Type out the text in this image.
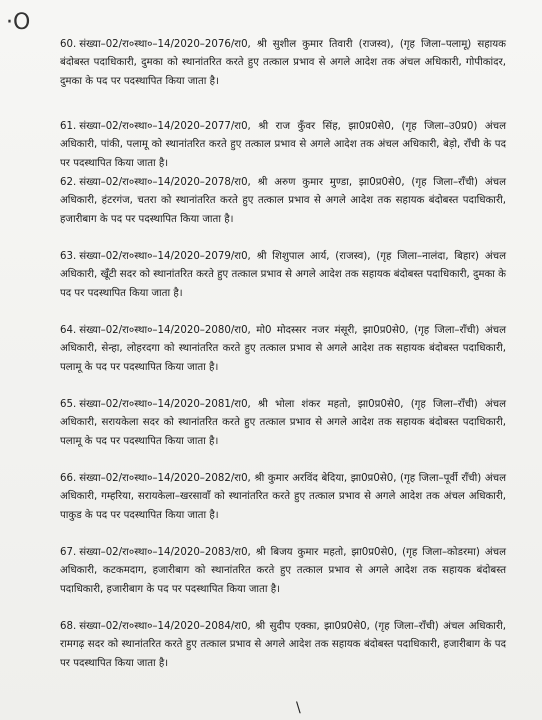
·O
60. संख्या–02/रा०स्था०–14/2020–2076/रा0, श्री सुशील कुमार तिवारी (राजस्व), (गृह जिला–पलामू) सहायक बंदोबस्त पदाधिकारी, दुमका को स्थानांतरित करते हुए तत्काल प्रभाव से अगले आदेश तक अंचल अधिकारी, गोपीकांदर, दुमका के पद पर पदस्थापित किया जाता है।
61. संख्या–02/रा०स्था०–14/2020–2077/रा0, श्री राज कुँवर सिंह, झा0प्र0से0, (गृह जिला–उ0प्र0) अंचल अधिकारी, पांकी, पलामू को स्थानांतरित करते हुए तत्काल प्रभाव से अगले आदेश तक अंचल अधिकारी, बेड़ो, राँची के पद पर पदस्थापित किया जाता है।
62. संख्या–02/रा०स्था०–14/2020–2078/रा0, श्री अरुण कुमार मुण्डा, झा0प्र0से0, (गृह जिला–राँची) अंचल अधिकारी, हंटरगंज, चतरा को स्थानांतरित करते हुए तत्काल प्रभाव से अगले आदेश तक सहायक बंदोबस्त पदाधिकारी, हजारीबाग के पद पर पदस्थापित किया जाता है।
63. संख्या–02/रा०स्था०–14/2020–2079/रा0, श्री शिशुपाल आर्य, (राजस्व), (गृह जिला–नालंदा, बिहार) अंचल अधिकारी, खूँटी सदर को स्थानांतरित करते हुए तत्काल प्रभाव से अगले आदेश तक सहायक बंदोबस्त पदाधिकारी, दुमका के पद पर पदस्थापित किया जाता है।
64. संख्या–02/रा०स्था०–14/2020–2080/रा0, मो0 मोदस्सर नजर मंसूरी, झा0प्र0से0, (गृह जिला–राँची) अंचल अधिकारी, सेन्हा, लोहरदगा को स्थानांतरित करते हुए तत्काल प्रभाव से अगले आदेश तक सहायक बंदोबस्त पदाधिकारी, पलामू के पद पर पदस्थापित किया जाता है।
65. संख्या–02/रा०स्था०–14/2020–2081/रा0, श्री भोला शंकर महतो, झा0प्र0से0, (गृह जिला–राँची) अंचल अधिकारी, सरायकेला सदर को स्थानांतरित करते हुए तत्काल प्रभाव से अगले आदेश तक सहायक बंदोबस्त पदाधिकारी, पलामू के पद पर पदस्थापित किया जाता है।
66. संख्या–02/रा०स्था०–14/2020–2082/रा0, श्री कुमार अरविंद बेदिया, झा0प्र0से0, (गृह जिला–पूर्वी राँची) अंचल अधिकारी, गम्हरिया, सरायकेला–खरसावाँ को स्थानांतरित करते हुए तत्काल प्रभाव से अगले आदेश तक अंचल अधिकारी, पाकुड के पद पर पदस्थापित किया जाता है।
67. संख्या–02/रा०स्था०–14/2020–2083/रा0, श्री बिजय कुमार महतो, झा0प्र0से0, (गृह जिला–कोडरमा) अंचल अधिकारी, कटकमदाग, हजारीबाग को स्थानांतरित करते हुए तत्काल प्रभाव से अगले आदेश तक सहायक बंदोबस्त पदाधिकारी, हजारीबाग के पद पर पदस्थापित किया जाता है।
68. संख्या–02/रा०स्था०–14/2020–2084/रा0, श्री सुदीप एक्का, झा0प्र0से0, (गृह जिला–राँची) अंचल अधिकारी, रामगढ़ सदर को स्थानांतरित करते हुए तत्काल प्रभाव से अगले आदेश तक सहायक बंदोबस्त पदाधिकारी, हजारीबाग के पद पर पदस्थापित किया जाता है।
\
